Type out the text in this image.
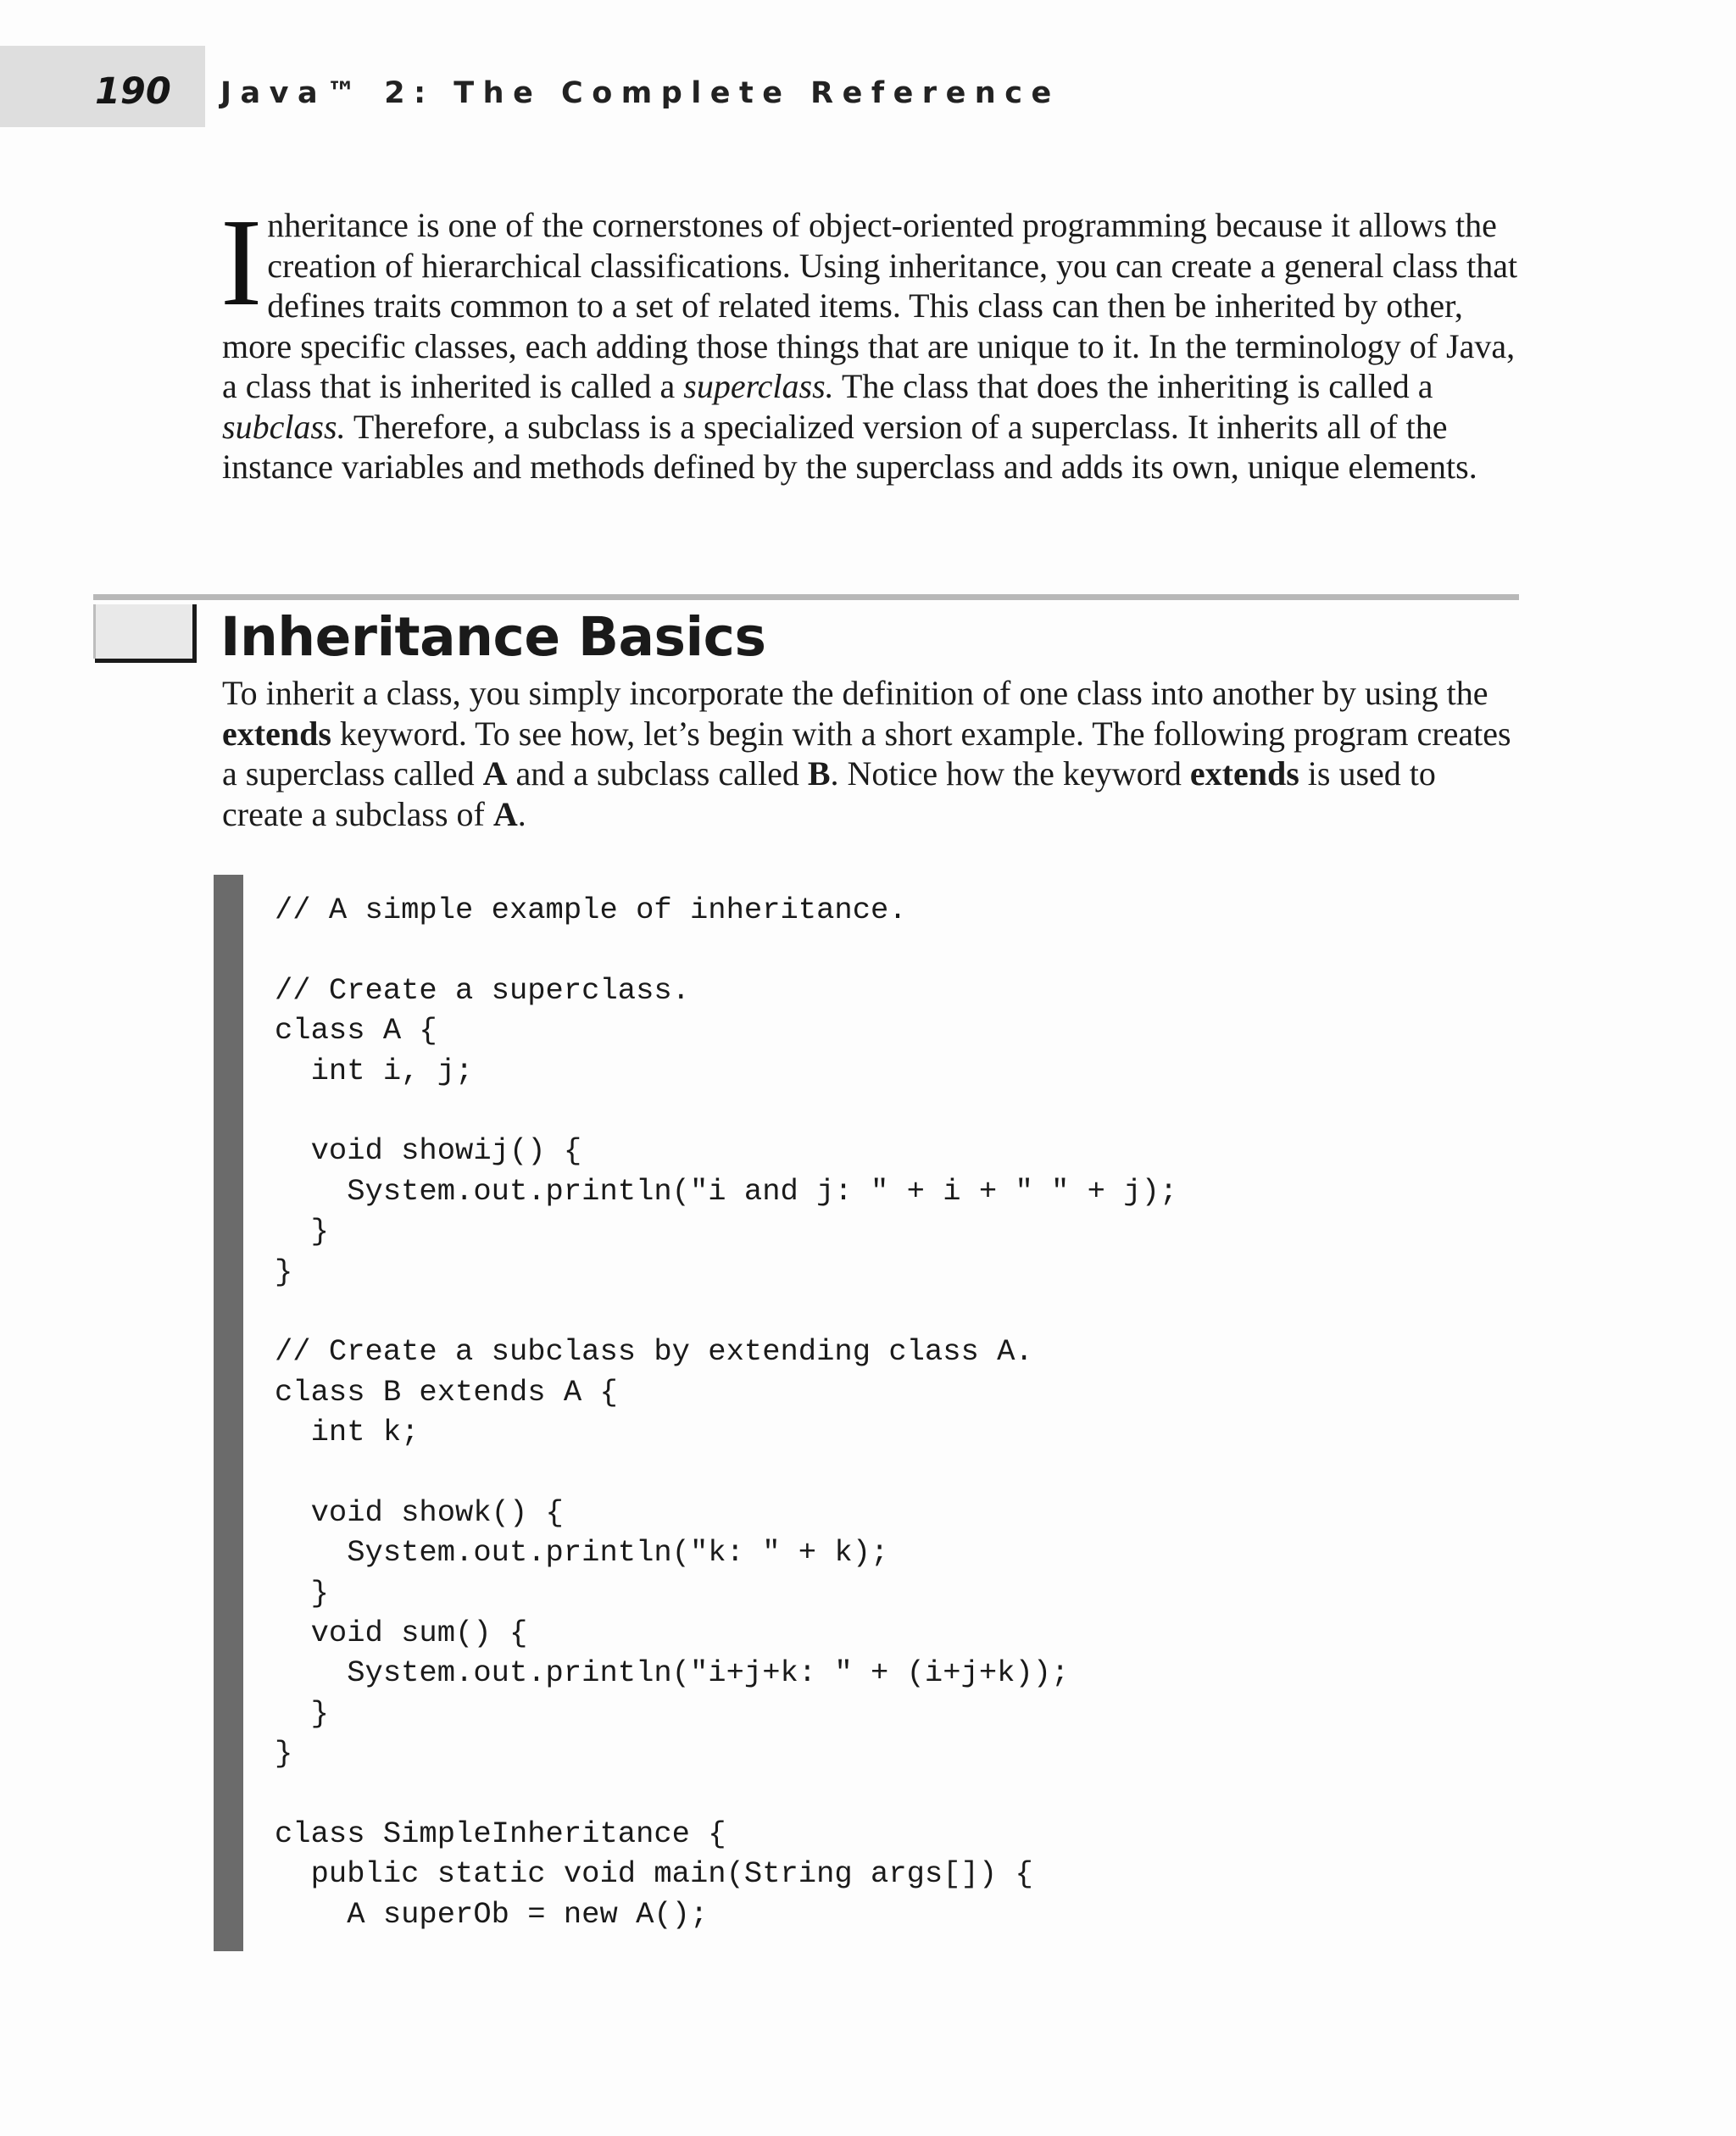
190 Java™ 2: The Complete Reference

Inheritance is one of the cornerstones of object-oriented programming because it allows the creation of hierarchical classifications. Using inheritance, you can create a general class that defines traits common to a set of related items. This class can then be inherited by other, more specific classes, each adding those things that are unique to it. In the terminology of Java, a class that is inherited is called a superclass. The class that does the inheriting is called a subclass. Therefore, a subclass is a specialized version of a superclass. It inherits all of the instance variables and methods defined by the superclass and adds its own, unique elements.

Inheritance Basics

To inherit a class, you simply incorporate the definition of one class into another by using the extends keyword. To see how, let’s begin with a short example. The following program creates a superclass called A and a subclass called B. Notice how the keyword extends is used to create a subclass of A.

// A simple example of inheritance.
// Create a superclass.
class A {
int i, j;
void showij() {
System.out.println("i and j: " + i + " " + j);
}
}
// Create a subclass by extending class A.
class B extends A {
int k;
void showk() {
System.out.println("k: " + k);
}
void sum() {
System.out.println("i+j+k: " + (i+j+k));
}
}
class SimpleInheritance {
public static void main(String args[]) {
A superOb = new A();
